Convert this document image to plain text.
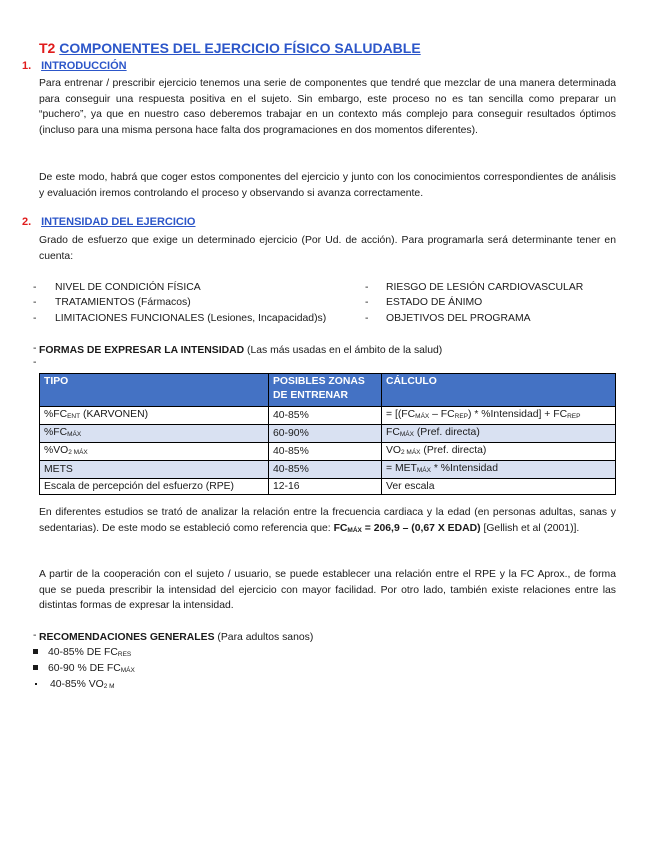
T2 COMPONENTES DEL EJERCICIO FÍSICO SALUDABLE
1. INTRODUCCIÓN
Para entrenar / prescribir ejercicio tenemos una serie de componentes que tendré que mezclar de una manera determinada para conseguir una respuesta positiva en el sujeto. Sin embargo, este proceso no es tan sencilla como preparar un “puchero”, ya que en nuestro caso deberemos trabajar en un contexto más complejo para conseguir resultados óptimos (incluso para una misma persona hace falta dos programaciones en dos momentos diferentes).
De este modo, habrá que coger estos componentes del ejercicio y junto con los conocimientos correspondientes de análisis y evaluación iremos controlando el proceso y observando si avanza correctamente.
2. INTENSIDAD DEL EJERCICIO
Grado de esfuerzo que exige un determinado ejercicio (Por Ud. de acción). Para programarla será determinante tener en cuenta:
- NIVEL DE CONDICIÓN FÍSICA
- TRATAMIENTOS (Fármacos)
- LIMITACIONES FUNCIONALES (Lesiones, Incapacidad)s)
- RIESGO DE LESIÓN CARDIOVASCULAR
- ESTADO DE ÁNIMO
- OBJETIVOS DEL PROGRAMA
- FORMAS DE EXPRESAR LA INTENSIDAD (Las más usadas en el ámbito de la salud)
-
TIPO	POSIBLES ZONAS DE ENTRENAR	CÁLCULO
$\%FC_{ENT}$ (KARVONEN)	40-85%	= [$(FC_{MÁX} - FC_{REP})$ * %Intensidad] + $FC_{REP}$
$\%FC_{MÁX}$	60-90%	$FC_{MÁX}$ (Pref. directa)
$\%VO_{2 MÁX}$	40-85%	$VO_{2 MÁX}$ (Pref. directa)
METS	40-85%	= $MET_{MÁX}$ * %Intensidad
Escala de percepción del esfuerzo (RPE)	12-16	Ver escala
En diferentes estudios se trató de analizar la relación entre la frecuencia cardiaca y la edad (en personas adultas, sanas y sedentarias). De este modo se estableció como referencia que: $FC_{MÁX} = 206,9 - (0,67$ X EDAD) [Gellish et al (2001)].
A partir de la cooperación con el sujeto / usuario, se puede establecer una relación entre el RPE y la FC Aprox., de forma que se pueda prescribir la intensidad del ejercicio con mayor facilidad. Por otro lado, también existe relaciones entre las distintas formas de expresar la intensidad.
- RECOMENDACIONES GENERALES (Para adultos sanos)
40-85% DE $FC_{RES}$
60-90 % DE $FC_{MÁX}$
40-85% $VO_{2 M}$
